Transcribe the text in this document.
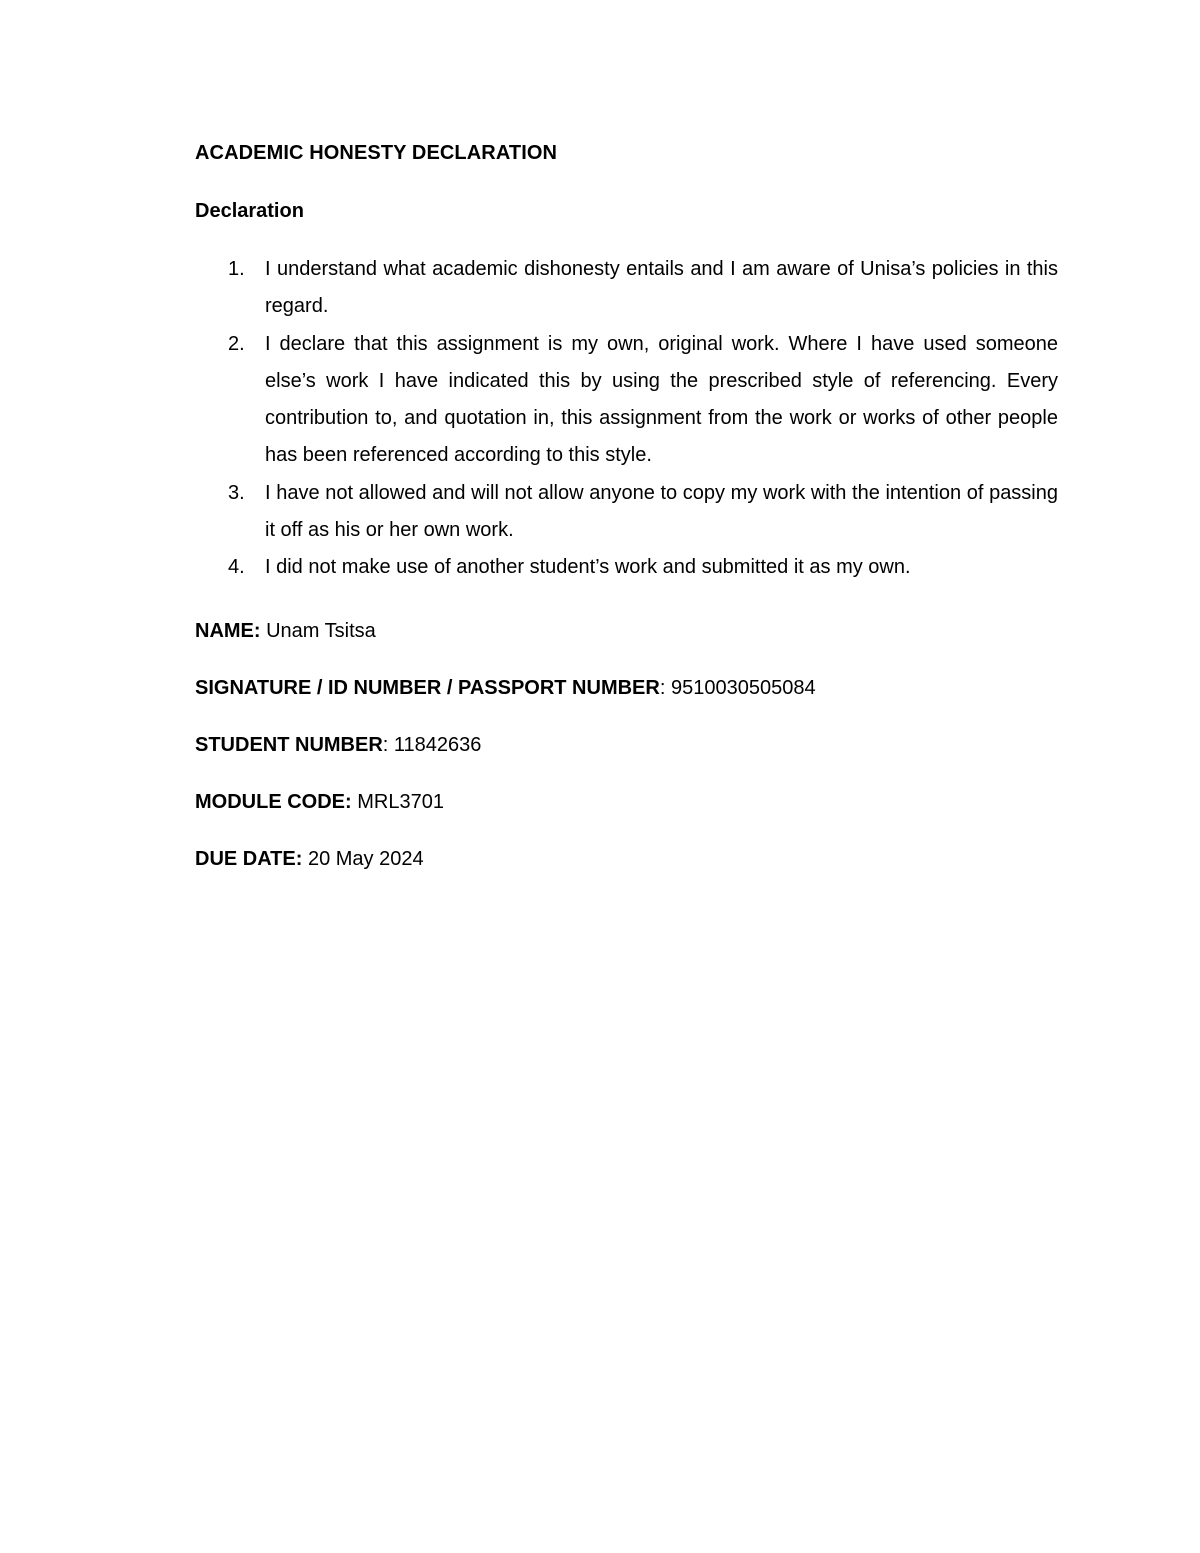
ACADEMIC HONESTY DECLARATION
Declaration
1. I understand what academic dishonesty entails and I am aware of Unisa’s policies in this regard.
2. I declare that this assignment is my own, original work. Where I have used someone else’s work I have indicated this by using the prescribed style of referencing. Every contribution to, and quotation in, this assignment from the work or works of other people has been referenced according to this style.
3. I have not allowed and will not allow anyone to copy my work with the intention of passing it off as his or her own work.
4. I did not make use of another student’s work and submitted it as my own.

NAME: Unam Tsitsa

SIGNATURE / ID NUMBER / PASSPORT NUMBER: 9510030505084

STUDENT NUMBER: 11842636

MODULE CODE: MRL3701

DUE DATE: 20 May 2024
